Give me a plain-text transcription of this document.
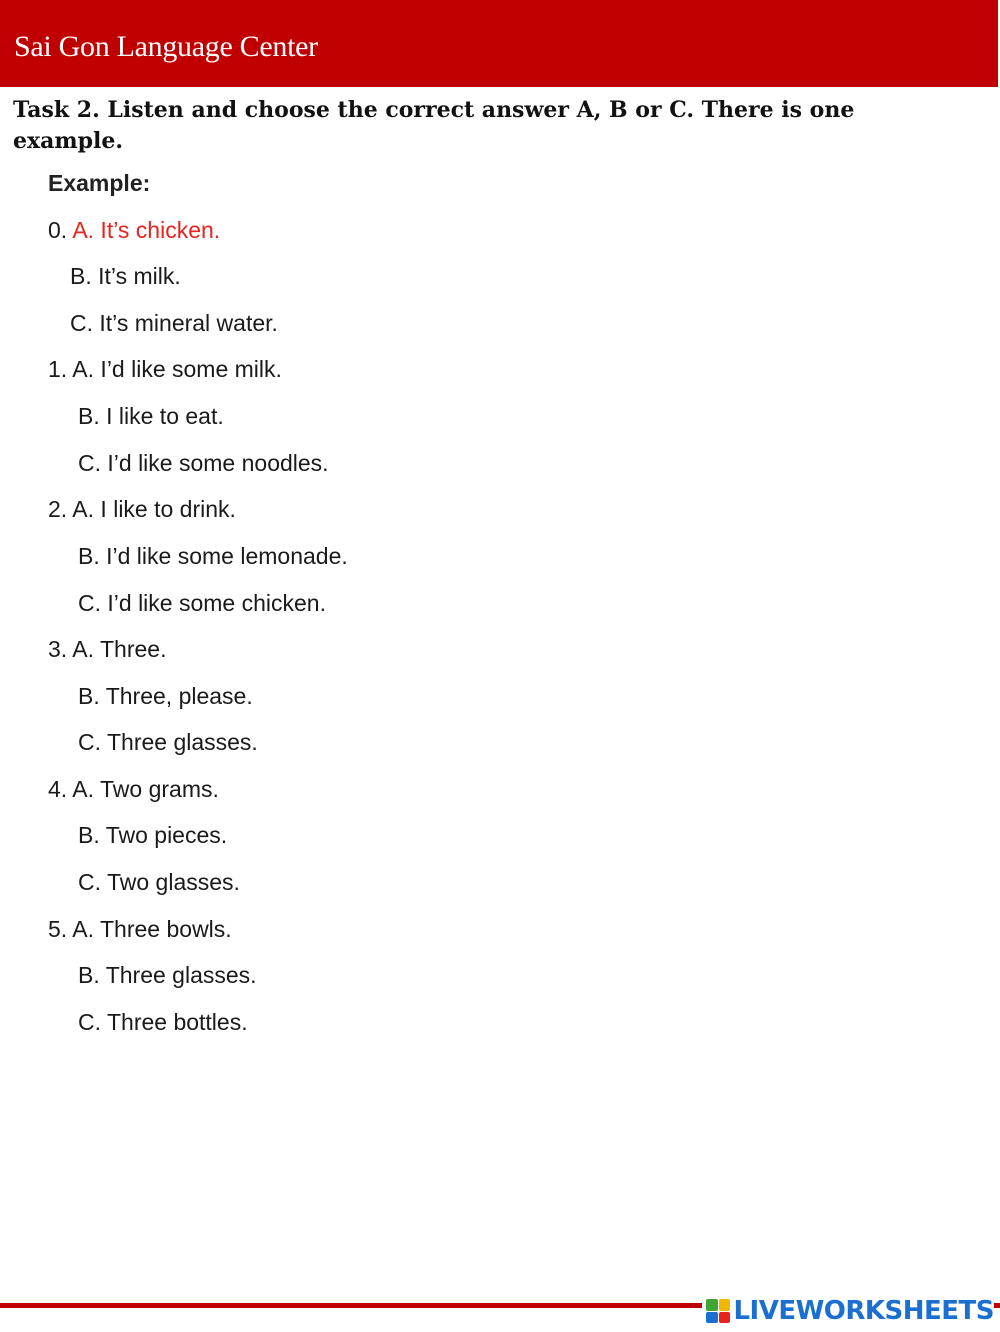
Sai Gon Language Center
Task 2. Listen and choose the correct answer A, B or C. There is one example.
Example:
0. A. It’s chicken.
B. It’s milk.
C. It’s mineral water.
1. A. I’d like some milk.
B. I like to eat.
C. I’d like some noodles.
2. A. I like to drink.
B. I’d like some lemonade.
C. I’d like some chicken.
3. A. Three.
B. Three, please.
C. Three glasses.
4. A. Two grams.
B. Two pieces.
C. Two glasses.
5. A. Three bowls.
B. Three glasses.
C. Three bottles.
LIVEWORKSHEETS
